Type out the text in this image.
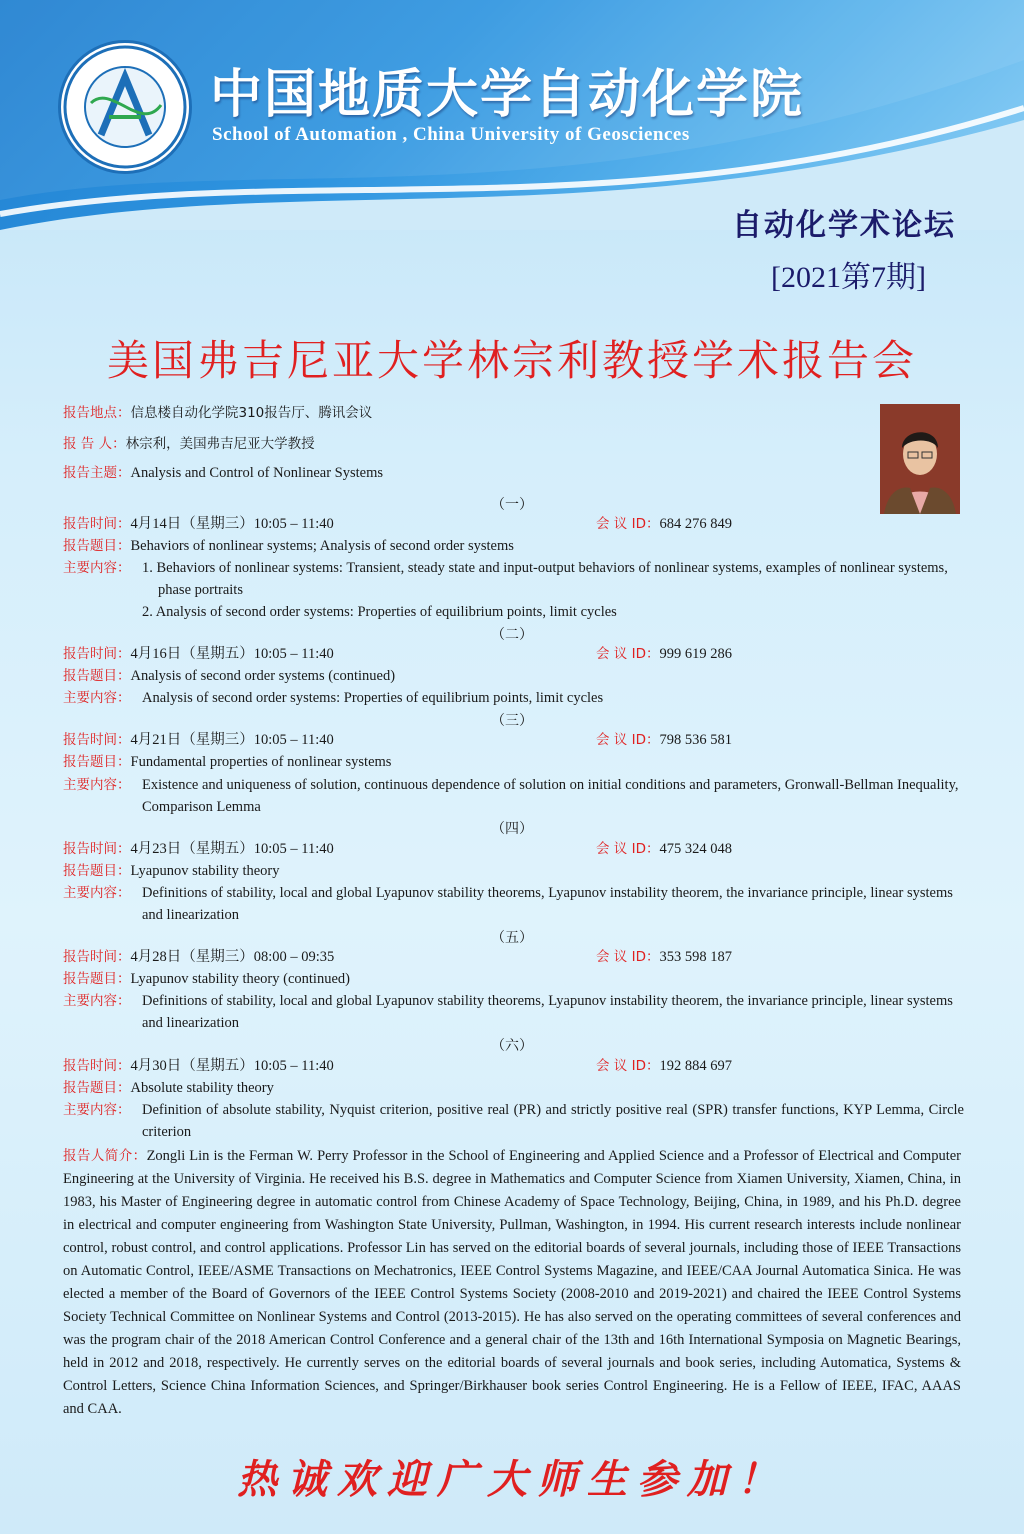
中国地质大学自动化学院
School of Automation , China University of Geosciences
自动化学术论坛
[2021第7期]
美国弗吉尼亚大学林宗利教授学术报告会
报告地点：信息楼自动化学院310报告厅、腾讯会议
报 告 人：林宗利，美国弗吉尼亚大学教授
报告主题：Analysis and Control of Nonlinear Systems
（一）
报告时间：4月14日（星期三）10:05 – 11:40	会 议 ID：684 276 849
报告题目：Behaviors of nonlinear systems; Analysis of second order systems
主要内容： 1. Behaviors of nonlinear systems: Transient, steady state and input-output behaviors of nonlinear systems, examples of nonlinear systems, phase portraits
2. Analysis of second order systems: Properties of equilibrium points, limit cycles
（二）
报告时间：4月16日（星期五）10:05 – 11:40	会 议 ID：999 619 286
报告题目：Analysis of second order systems (continued)
主要内容： Analysis of second order systems: Properties of equilibrium points, limit cycles
（三）
报告时间：4月21日（星期三）10:05 – 11:40	会 议 ID：798 536 581
报告题目：Fundamental properties of nonlinear systems
主要内容： Existence and uniqueness of solution, continuous dependence of solution on initial conditions and parameters, Gronwall-Bellman Inequality, Comparison Lemma
（四）
报告时间：4月23日（星期五）10:05 – 11:40	会 议 ID：475 324 048
报告题目：Lyapunov stability theory
主要内容： Definitions of stability, local and global Lyapunov stability theorems, Lyapunov instability theorem, the invariance principle, linear systems and linearization
（五）
报告时间：4月28日（星期三）08:00 – 09:35	会 议 ID：353 598 187
报告题目：Lyapunov stability theory (continued)
主要内容： Definitions of stability, local and global Lyapunov stability theorems, Lyapunov instability theorem, the invariance principle, linear systems and linearization
（六）
报告时间：4月30日（星期五）10:05 – 11:40	会 议 ID：192 884 697
报告题目：Absolute stability theory
主要内容： Definition of absolute stability, Nyquist criterion, positive real (PR) and strictly positive real (SPR) transfer functions, KYP Lemma, Circle criterion
报告人简介：Zongli Lin is the Ferman W. Perry Professor in the School of Engineering and Applied Science and a Professor of Electrical and Computer Engineering at the University of Virginia. He received his B.S. degree in Mathematics and Computer Science from Xiamen University, Xiamen, China, in 1983, his Master of Engineering degree in automatic control from Chinese Academy of Space Technology, Beijing, China, in 1989, and his Ph.D. degree in electrical and computer engineering from Washington State University, Pullman, Washington, in 1994. His current research interests include nonlinear control, robust control, and control applications. Professor Lin has served on the editorial boards of several journals, including those of IEEE Transactions on Automatic Control, IEEE/ASME Transactions on Mechatronics, IEEE Control Systems Magazine, and IEEE/CAA Journal Automatica Sinica. He was elected a member of the Board of Governors of the IEEE Control Systems Society (2008-2010 and 2019-2021) and chaired the IEEE Control Systems Society Technical Committee on Nonlinear Systems and Control (2013-2015). He has also served on the operating committees of several conferences and was the program chair of the 2018 American Control Conference and a general chair of the 13th and 16th International Symposia on Magnetic Bearings, held in 2012 and 2018, respectively. He currently serves on the editorial boards of several journals and book series, including Automatica, Systems & Control Letters, Science China Information Sciences, and Springer/Birkhauser book series Control Engineering. He is a Fellow of IEEE, IFAC, AAAS and CAA.
热诚欢迎广大师生参加！
